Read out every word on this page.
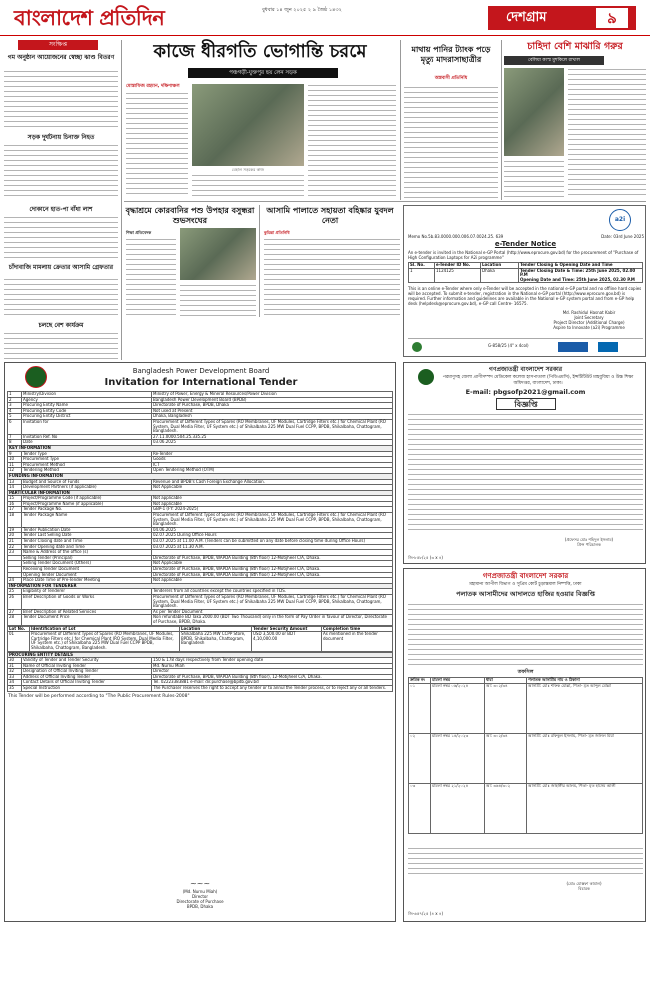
বাংলাদেশ প্রতিদিন	বুধবার ১৪ জুন ২০২৫ ২ ৯ জৈষ্ঠ ১৪৩২	দেশগ্রাম	৯
সংক্ষিপ্ত
গম অনুষ্ঠান আয়োজনের স্বেচ্ছা ঝাণ্ড বিতরণ
সড়ক দুর্ঘটনায় চিনাক্ত নিহত
দোকানে হাত-পা বাঁধা লাশ
চাঁদাবাজি মামলায় ক্রেতার আসামি গ্রেফতার
চলছে বেশ কার্যক্রম
কাজে ধীরগতি ভোগান্তি চরমে
পঞ্চগড়ী-যুক্তপুর ছয় লেন সড়ক
মোস্তাফিজ রহমান, দক্ষিণাঞ্চল
বেহাল সড়কের কাজ
মাথায় পানির ট্যাংক পড়ে মৃত্যু মাদরাসাছাত্রীর
অস্ত্রবাসী প্রতিনিধি
চাহিদা বেশি মাঝারি গরুর
বেলিয়া কাস্ম মুশকিলে রাখাল
বৃদ্ধাশ্রমে কোরবানির পশু উপহার বসুন্ধরা শুভসংঘের
শিক্ষা প্রতিবেদক
আসামি পালাতে সহায়তা বহিষ্কার যুবদল নেতা
কুমিল্লা প্রতিনিধি
a2i
Memo No.5b.83.0000.000.006.07.0024.25. 639	Date: 03rd June 2025
e-Tender Notice
An e-tender is invited in the National e-GP Portal (http://www.eprocure.gov.bd) for the procurement of "Purchase of High Configuration Laptops for A2i programme"
Sl. No.	e-Tender ID No.	Location	Tender Closing & Opening Date and Time
1	1124125	Dhaka	Tender Closing Date & Time: 25th June 2025, 02.00 P.M
Opening Date and Time: 25th June 2025, 02.30 P.M
This is an online e-Tender where only e-Tender will be accepted in the national e-GP portal and no offline hard copies will be accepted. To submit e-tender, registration in the National e-GP portal (http://www.eprocure.gov.bd) is required. Further information and guidelines are available in the National e-GP system portal and from e-GP help desk (helpdesk@eprocure.gov.bd), e-GP call Centre- 16575.
Md. Rashidul Hasnat Kabir
Joint Secretary
Project Director (Additional Charge)
Aspire to Innovate (a2i) Programme
G-858/25 (4" x 4col)
Bangladesh Power Development Board
Invitation for International Tender
1	Ministry/Division	Ministry of Power, Energy & Mineral Resources/Power Division
2	Agency	Bangladesh Power Development Board (BPDB)
3	Procuring Entity Name	Directorate of Purchase, BPDB, Dhaka
4	Procuring Entity Code	Not used at Present
5	Procuring Entity District	Dhaka, Bangladesh
6	Invitation for	Procurement of Different Types of Spares (RO Membranes, UF Modules, Cartridge Filters etc.) for Chemical Plant (RO System, Dual Media Filter, UF System etc.) of Shikalbaha 225 MW Dual Fuel CCPP, BPDB, Shikalbaha, Chattogram, Bangladesh.
7	Invitation Ref. No	27.11.0000.504.25.335.25
8	Date	03.06.2025
KEY INFORMATION		
9	Tender Type	Re-Tender
10	Procurement Type	Goods
11	Procurement Method	ICT
12	Tendering Method	Open Tendering Method (OTM)
FUNDING INFORMATION		
13	Budget and Source of Funds	Revenue and BPDB's Cash Foreign Exchange Allocation.
14	Development Partners (if applicable)	Not Applicable
PARTICULAR INFORMATION		
15	Project/Programme Code (if applicable)	Not applicable
16	Project/Programme Name (if applicable)	Not applicable
17	Tender Package No.	GBP-1 (FY: 2024-2025)
18	Tender Package Name	Procurement of Different Types of Spares (RO Membranes, UF Modules, Cartridge Filters etc.) for Chemical Plant (RO System, Dual Media Filter, UF System etc.) of Shikalbaha 225 MW Dual Fuel CCPP, BPDB, Shikalbaha, Chattogram, Bangladesh.
19	Tender Publication Date	04.06.2025
20	Tender Last Selling Date	02.07.2025 During Office Hours
21	Tender Closing date and Time	03.07.2025 at 11.00 A.M. (Tenders can be submitted on any date before closing time during Office Hours)
22	Tender Opening date and Time	03.07.2025 at 11.30 A.M.
23	Name & Address of the office (s)	
	Selling Tender (Principal)	Directorate of Purchase, BPDB, WAPDA Building (8th floor) 12-Motijheel C/A, Dhaka.
	Selling Tender Document (Others)	Not Applicable
	Receiving Tender Document	Directorate of Purchase, BPDB, WAPDA Building (8th floor) 12-Motijheel C/A, Dhaka.
	Opening Tender Document	Directorate of Purchase, BPDB, WAPDA Building (8th floor) 12-Motijheel C/A, Dhaka.
24	Place Date Time of Pre-Tender Meeting	Not applicable
INFORMATION FOR TENDERER		
25	Eligibility of Tenderer	Tenderers from all countries except the countries specified in TDS.
26	Brief Description of Goods or Works	Procurement of Different Types of Spares (RO Membranes, UF Modules, Cartridge Filters etc.) for Chemical Plant (RO System, Dual Media Filter, UF System etc.) of Shikalbaha 225 MW Dual Fuel CCPP, BPDB, Shikalbaha, Chattogram, Bangladesh.
27	Brief Description of Related Services	As per Tender Document
28	Tender Document Price	Non refundable BD Taka 2000.00 (BDT Two Thousand) only in the form of Pay Order in favour of Director, Directorate of Purchase, BPDB, Dhaka.
Lot No.	Identification of Lot	Location	Tender Security Amount	Completion time
01	Procurement of Different Types of Spares (RO Membranes, UF Modules, Cartridge Filters etc.) for Chemical Plant (RO System, Dual Media Filter, UF System etc.) of Shikalbaha 225 MW Dual Fuel CCPP BPDB, Shikalbaha, Chattogram, Bangladesh.	Shikalbaha 225 MW CCPP Store, BPDB, Shikalbaha, Chattogram, Bangladesh	USD 3,500.00 or BDT 4,10,000.00	As mentioned in the tender document
PROCURING ENTITY DETAILS		
30	Validity of Tender and Tender Security	150 & 178 days respectively from Tender opening date
31	Name of Official Inviting Tender	Md. Nurnu Miah
32	Designation of Official Inviting Tender	Director
33	Address of Official Inviting Tender	Directorate of Purchase, BPDB, WAPDA Building (8th floor), 12-Motijheel C/A, Dhaka.
34	Contact Details of Official Inviting Tender	Tel. 02223383881 e-mail: dir.purchase@bpdb.gov.bd
35	Special Instruction	The Purchaser reserves the right to accept any tender or to annul the Tender process, or to reject any or all tenders.
This Tender will be performed according to "The Public Procurement Rules-2008"
~~~
(Md. Nurnu Miah)
Director
Directorate of Purchase
BPDB, Dhaka
গণপ্রজাতন্ত্রী বাংলাদেশ সরকার
পরমাণুসহ জেলা প্রাণীসম্পদ মেডিকেল কলেজ হাসপাতাল (পিডিএমসি), ইন্সটিটিউট মাহবুবিয়া ও উচ্চ শিক্ষা অধিদপ্তর, বাংলাদেশ, ঢাকা।
E-mail: pbgsofp2021@gmail.com
বিজ্ঞপ্তি
(প্রফেসর মোঃ শহিদুল ইসলাম)
প্রিন্স পরিচালক
জি-৮৫৮/২৫ (৩ x ৪)
গণপ্রজাতন্ত্রী বাংলাদেশ সরকার
মহামান্য আপীল বিভাগ ও সুপ্রিম কোর্ট চুড়ান্তমাল নিষ্পত্তি, ঢাকা
পলাতক আসামীদের আদালতে হাজির হওয়ার বিজ্ঞপ্তি
তফসিল
ক্রমিক নং	মামলা নম্বর	ধারা	পলাতক আসামীর নাম ও ঠিকানা
০১	মামলা নম্বর ০৬/২০২৪	আ: ৩০২/৩৪	আসামী: মোঃ শফিক মোল্লা, পিতা- মৃত আব্দুল মোল্লা
০২	মামলা নম্বর ১৪/২০২৩	আ: ৩০২/৩৪	আসামী: মোঃ রফিকুল ইসলাম, পিতা- মৃত জলিল মিয়া
০৩	মামলা নম্বর ২১/২০২৪	আ: ৩৬৪/৩০২	আসামী: মোঃ জাহাঙ্গীর আলম, পিতা- মৃত হাসেম আলী
(মোঃ মোস্তফা কামাল)
বিচারক
জি-৬৫৭/২৫ (৪ x ৪)
